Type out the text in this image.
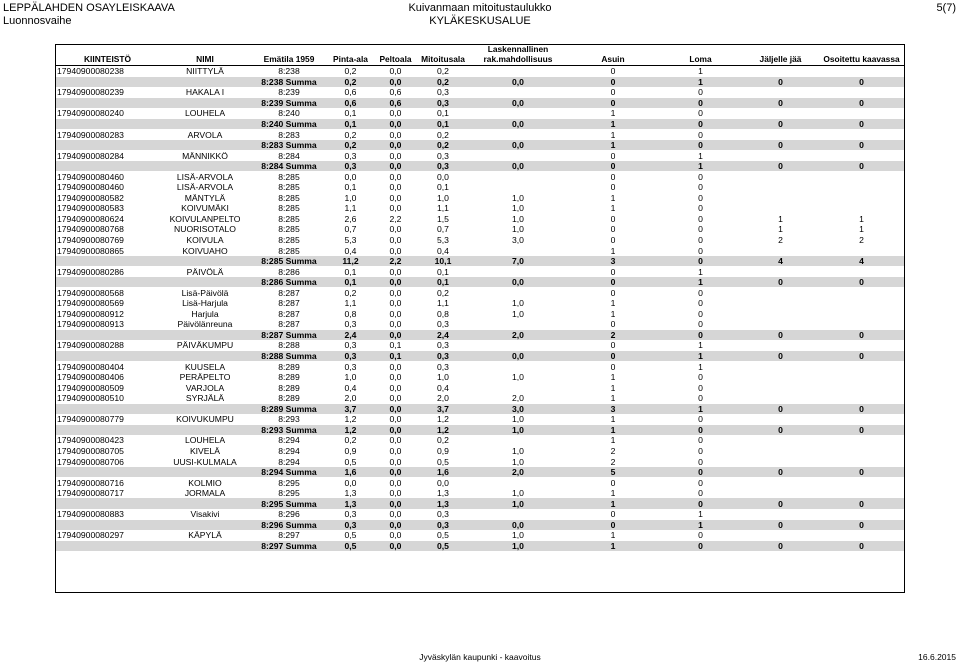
LEPPÄLAHDEN OSAYLEISKAAVA
Luonnosvaihe
Kuivanmaan mitoitustaulukko
KYLÄKESKUSALUE
5(7)
KIINTEISTÖ	NIMI	Emätila 1959	Pinta-ala	Peltoala	Mitoitusala	Laskennallinen rak.mahdollisuus	Asuin	Loma	Jäljelle jää	Osoitettu kaavassa
17940900080238	NIITTYLÄ	8:238	0,2	0,0	0,2		0	1		
		8:238 Summa	0,2	0,0	0,2	0,0	0	1	0	0
17940900080239	HAKALA I	8:239	0,6	0,6	0,3		0	0		
		8:239 Summa	0,6	0,6	0,3	0,0	0	0	0	0
17940900080240	LOUHELA	8:240	0,1	0,0	0,1		1	0		
		8:240 Summa	0,1	0,0	0,1	0,0	1	0	0	0
17940900080283	ARVOLA	8:283	0,2	0,0	0,2		1	0		
		8:283 Summa	0,2	0,0	0,2	0,0	1	0	0	0
17940900080284	MÄNNIKKÖ	8:284	0,3	0,0	0,3		0	1		
		8:284 Summa	0,3	0,0	0,3	0,0	0	1	0	0
17940900080460	LISÄ-ARVOLA	8:285	0,0	0,0	0,0		0	0		
17940900080460	LISÄ-ARVOLA	8:285	0,1	0,0	0,1		0	0		
17940900080582	MÄNTYLÄ	8:285	1,0	0,0	1,0	1,0	1	0		
17940900080583	KOIVUMÄKI	8:285	1,1	0,0	1,1	1,0	1	0		
17940900080624	KOIVULANPELTO	8:285	2,6	2,2	1,5	1,0	0	0	1	1
17940900080768	NUORISOTALO	8:285	0,7	0,0	0,7	1,0	0	0	1	1
17940900080769	KOIVULA	8:285	5,3	0,0	5,3	3,0	0	0	2	2
17940900080865	KOIVUAHO	8:285	0,4	0,0	0,4		1	0		
		8:285 Summa	11,2	2,2	10,1	7,0	3	0	4	4
17940900080286	PÄIVÖLÄ	8:286	0,1	0,0	0,1		0	1		
		8:286 Summa	0,1	0,0	0,1	0,0	0	1	0	0
17940900080568	Lisä-Päivölä	8:287	0,2	0,0	0,2		0	0		
17940900080569	Lisä-Harjula	8:287	1,1	0,0	1,1	1,0	1	0		
17940900080912	Harjula	8:287	0,8	0,0	0,8	1,0	1	0		
17940900080913	Päivölänreuna	8:287	0,3	0,0	0,3		0	0		
		8:287 Summa	2,4	0,0	2,4	2,0	2	0	0	0
17940900080288	PÄIVÄKUMPU	8:288	0,3	0,1	0,3		0	1		
		8:288 Summa	0,3	0,1	0,3	0,0	0	1	0	0
17940900080404	KUUSELA	8:289	0,3	0,0	0,3		0	1		
17940900080406	PERÄPELTO	8:289	1,0	0,0	1,0	1,0	1	0		
17940900080509	VARJOLA	8:289	0,4	0,0	0,4		1	0		
17940900080510	SYRJÄLÄ	8:289	2,0	0,0	2,0	2,0	1	0		
		8:289 Summa	3,7	0,0	3,7	3,0	3	1	0	0
17940900080779	KOIVUKUMPU	8:293	1,2	0,0	1,2	1,0	1	0		
		8:293 Summa	1,2	0,0	1,2	1,0	1	0	0	0
17940900080423	LOUHELA	8:294	0,2	0,0	0,2		1	0		
17940900080705	KIVELÄ	8:294	0,9	0,0	0,9	1,0	2	0		
17940900080706	UUSI-KULMALA	8:294	0,5	0,0	0,5	1,0	2	0		
		8:294 Summa	1,6	0,0	1,6	2,0	5	0	0	0
17940900080716	KOLMIO	8:295	0,0	0,0	0,0		0	0		
17940900080717	JORMALA	8:295	1,3	0,0	1,3	1,0	1	0		
		8:295 Summa	1,3	0,0	1,3	1,0	1	0	0	0
17940900080883	Visakivi	8:296	0,3	0,0	0,3		0	1		
		8:296 Summa	0,3	0,0	0,3	0,0	0	1	0	0
17940900080297	KÄPYLÄ	8:297	0,5	0,0	0,5	1,0	1	0		
		8:297 Summa	0,5	0,0	0,5	1,0	1	0	0	0
Jyväskylän kaupunki - kaavoitus	16.6.2015
